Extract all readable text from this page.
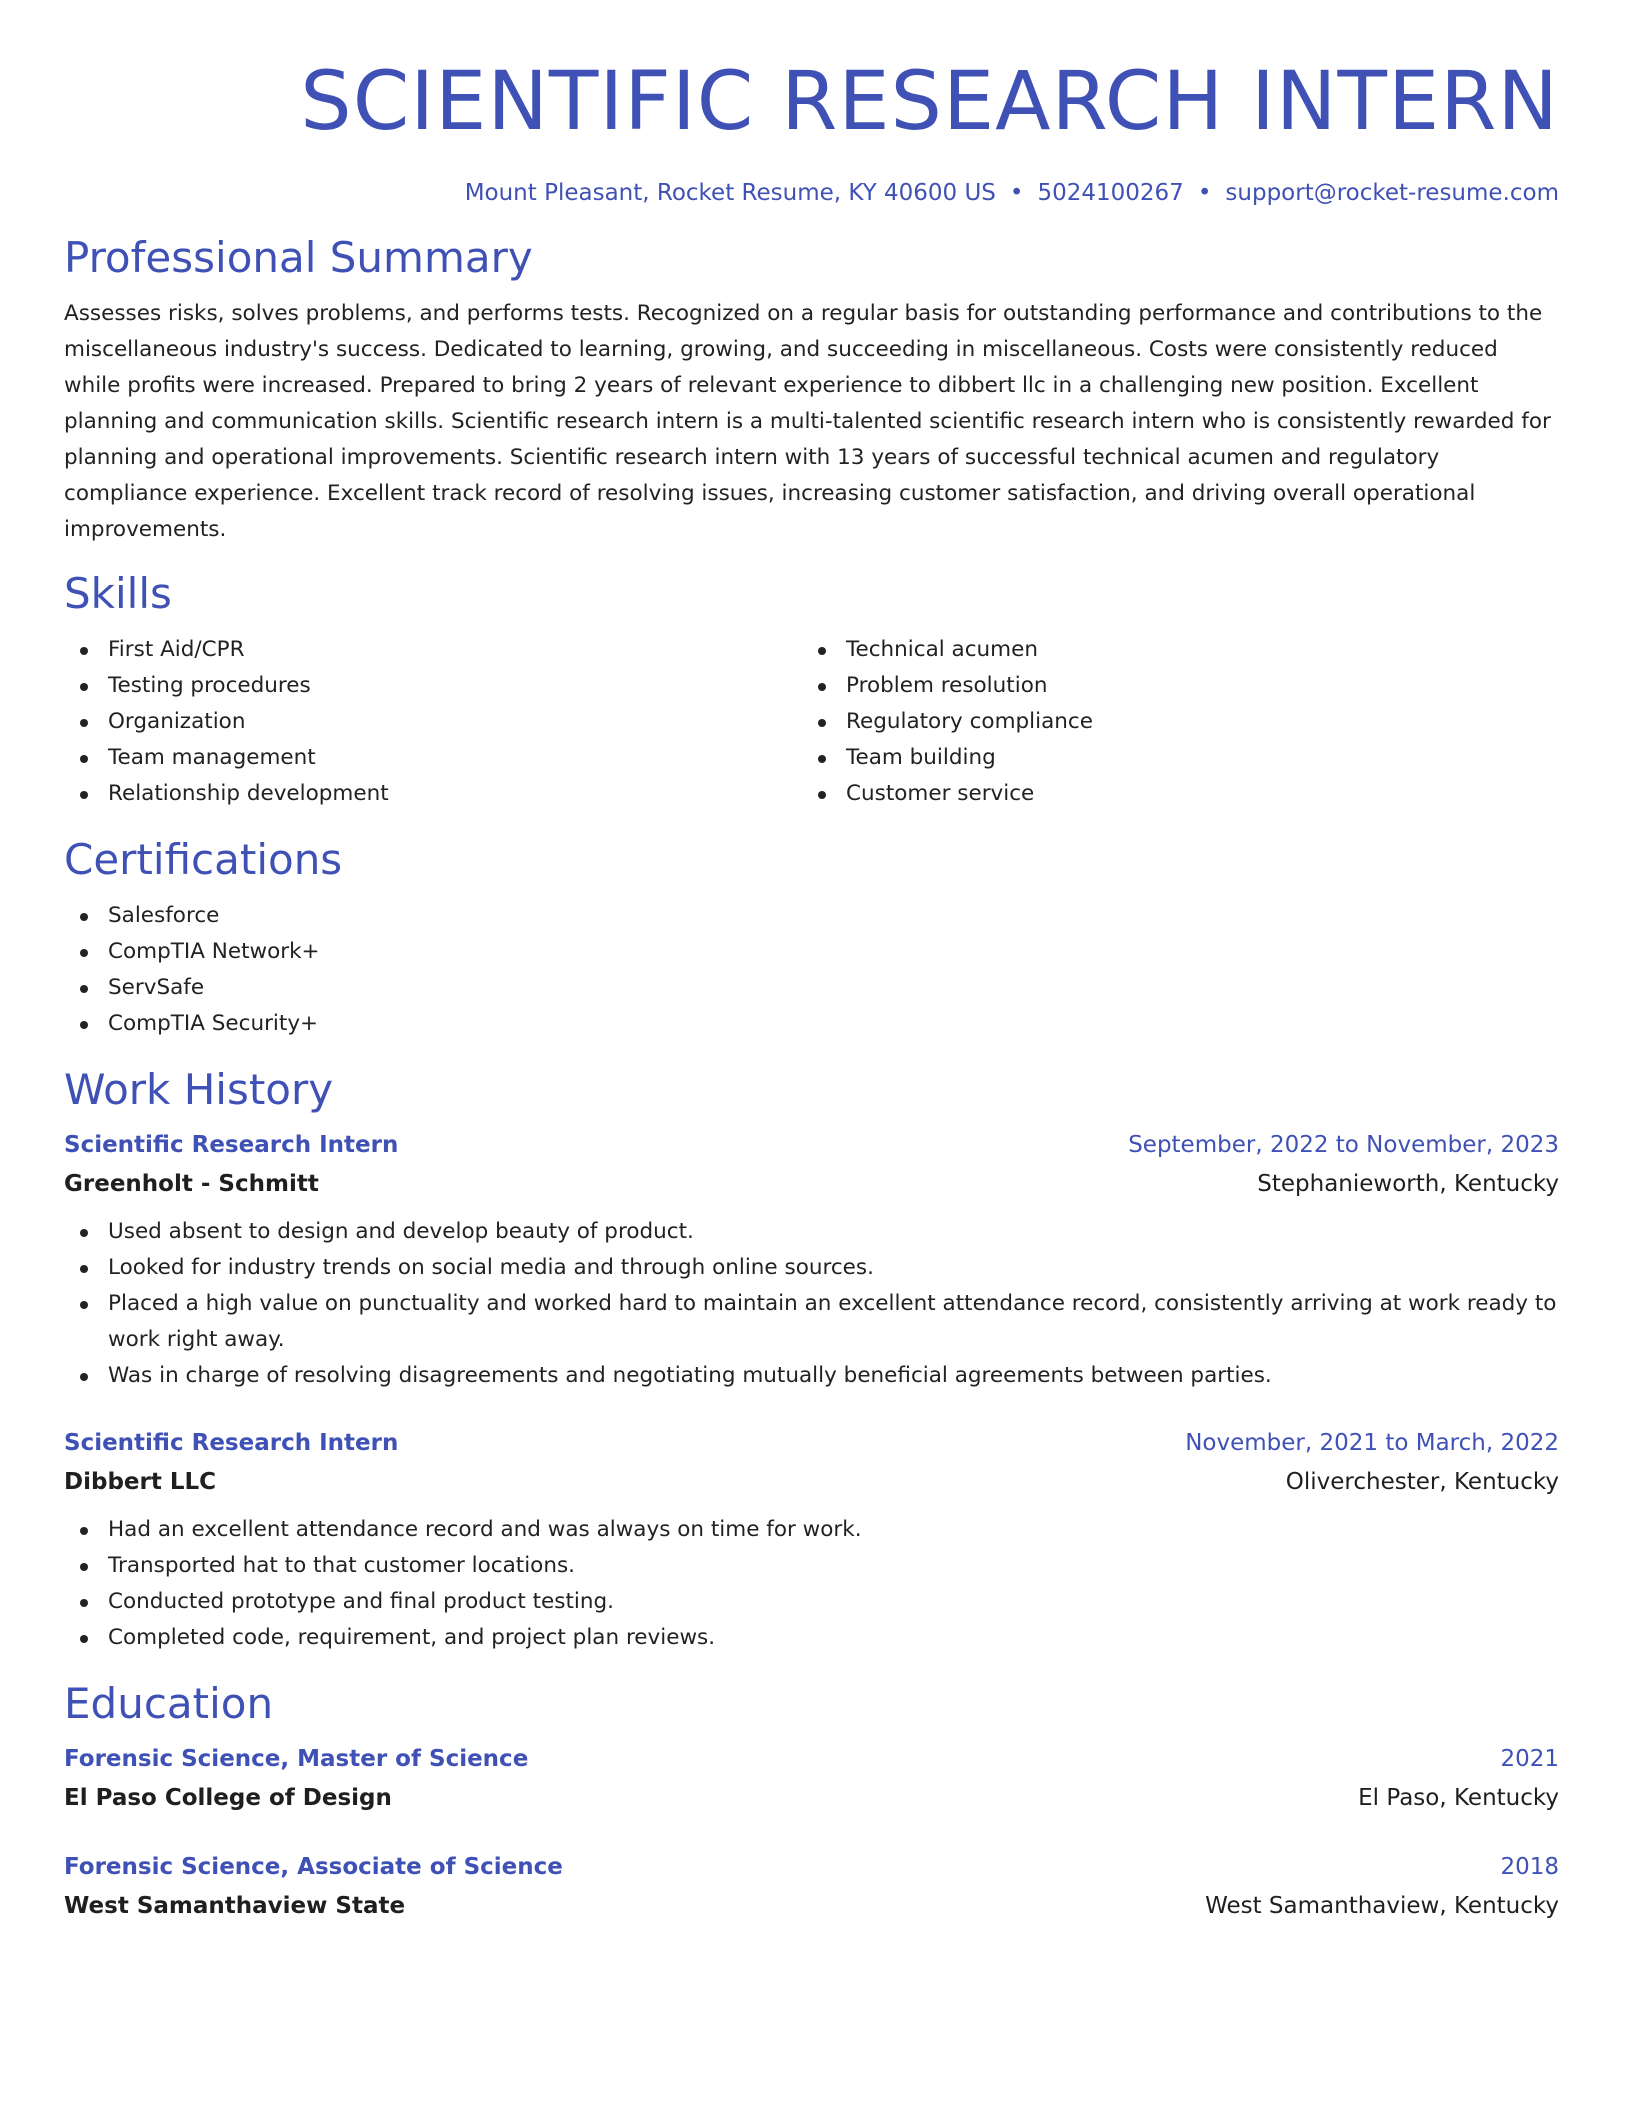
SCIENTIFIC RESEARCH INTERN
Mount Pleasant, Rocket Resume, KY 40600 US • 5024100267 • support@rocket-resume.com
Professional Summary

Assesses risks, solves problems, and performs tests. Recognized on a regular basis for outstanding performance and contributions to the miscellaneous industry's success. Dedicated to learning, growing, and succeeding in miscellaneous. Costs were consistently reduced while profits were increased. Prepared to bring 2 years of relevant experience to dibbert llc in a challenging new position. Excellent planning and communication skills. Scientific research intern is a multi-talented scientific research intern who is consistently rewarded for planning and operational improvements. Scientific research intern with 13 years of successful technical acumen and regulatory compliance experience. Excellent track record of resolving issues, increasing customer satisfaction, and driving overall operational improvements.

Skills
First Aid/CPR
Testing procedures
Organization
Team management
Relationship development
Technical acumen
Problem resolution
Regulatory compliance
Team building
Customer service
Certifications
Salesforce
CompTIA Network+
ServSafe
CompTIA Security+
Work History
Scientific Research Intern	September, 2022 to November, 2023
Greenholt - Schmitt	Stephanieworth, Kentucky
Used absent to design and develop beauty of product.
Looked for industry trends on social media and through online sources.
Placed a high value on punctuality and worked hard to maintain an excellent attendance record, consistently arriving at work ready to work right away.
Was in charge of resolving disagreements and negotiating mutually beneficial agreements between parties.
Scientific Research Intern	November, 2021 to March, 2022
Dibbert LLC	Oliverchester, Kentucky
Had an excellent attendance record and was always on time for work.
Transported hat to that customer locations.
Conducted prototype and final product testing.
Completed code, requirement, and project plan reviews.
Education
Forensic Science, Master of Science	2021
El Paso College of Design	El Paso, Kentucky
Forensic Science, Associate of Science	2018
West Samanthaview State	West Samanthaview, Kentucky
